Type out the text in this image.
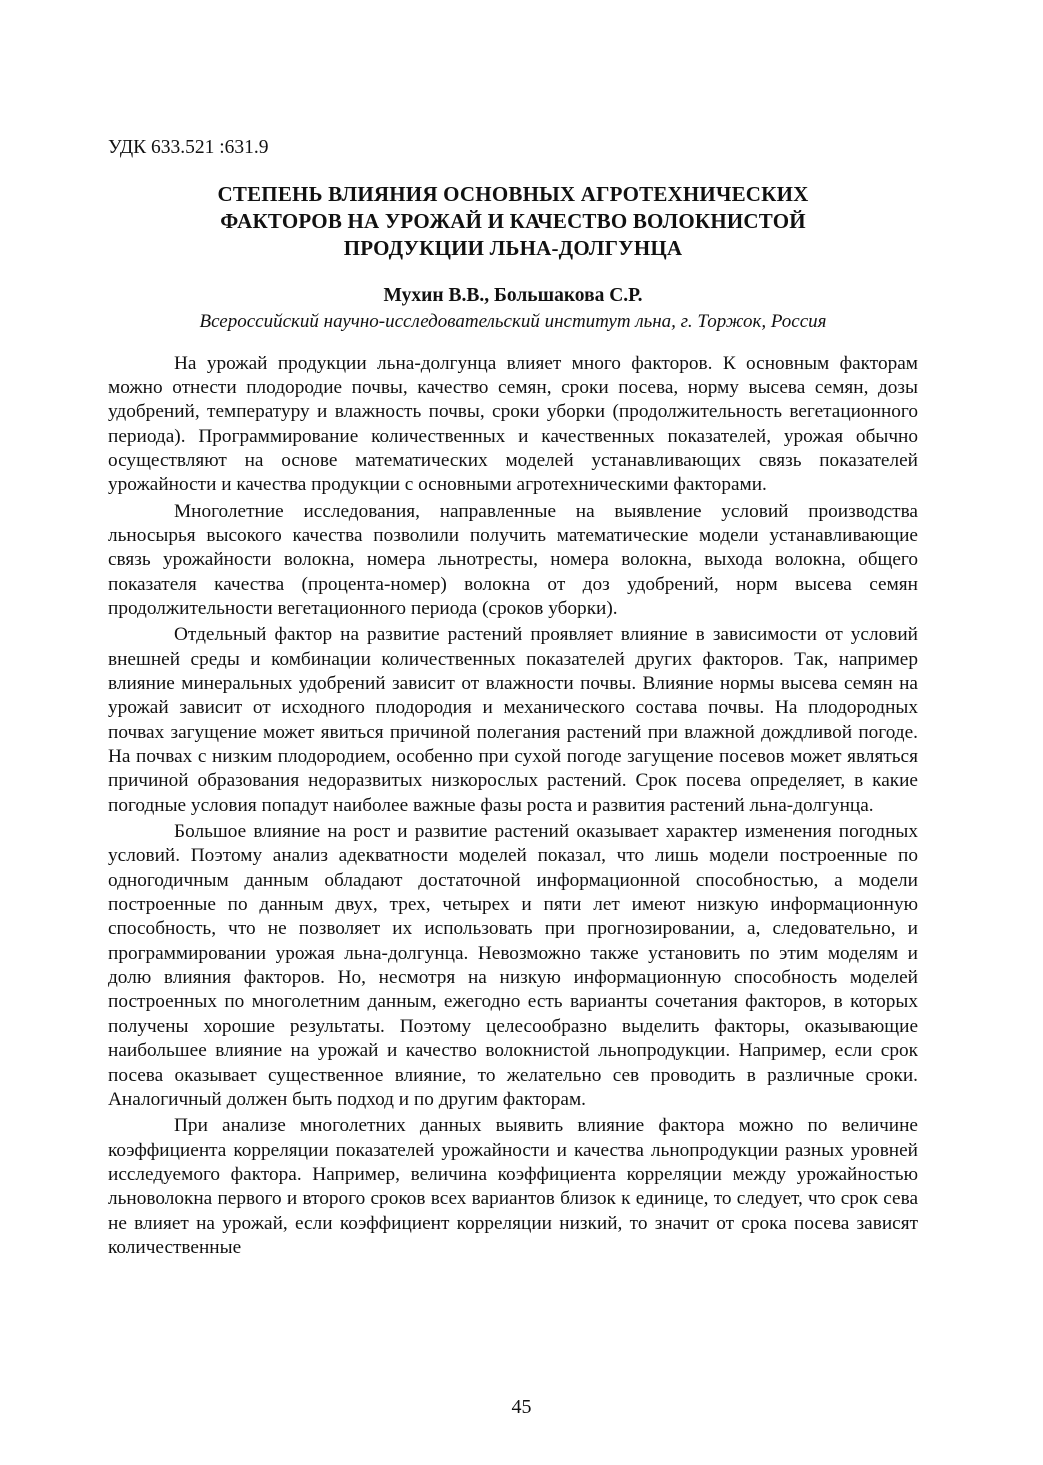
УДК 633.521 :631.9

СТЕПЕНЬ ВЛИЯНИЯ ОСНОВНЫХ АГРОТЕХНИЧЕСКИХ
ФАКТОРОВ НА УРОЖАЙ И КАЧЕСТВО ВОЛОКНИСТОЙ
ПРОДУКЦИИ ЛЬНА-ДОЛГУНЦА

Мухин В.В., Большакова С.Р.

Всероссийский научно-исследовательский институт льна, г. Торжок, Россия

На урожай продукции льна-долгунца влияет много факторов. К основным факторам можно отнести плодородие почвы, качество семян, сроки посева, норму высева семян, дозы удобрений, температуру и влажность почвы, сроки уборки (продолжительность вегетационного периода). Программирование количественных и качественных показателей, урожая обычно осуществляют на основе математических моделей устанавливающих связь показателей урожайности и качества продукции с основными агротехническими факторами.

Многолетние исследования, направленные на выявление условий производства льносырья высокого качества позволили получить математические модели устанавливающие связь урожайности волокна, номера льнотресты, номера волокна, выхода волокна, общего показателя качества (процента-номер) волокна от доз удобрений, норм высева семян продолжительности вегетационного периода (сроков уборки).

Отдельный фактор на развитие растений проявляет влияние в зависимости от условий внешней среды и комбинации количественных показателей других факторов. Так, например влияние минеральных удобрений зависит от влажности почвы. Влияние нормы высева семян на урожай зависит от исходного плодородия и механического состава почвы. На плодородных почвах загущение может явиться причиной полегания растений при влажной дождливой погоде. На почвах с низким плодородием, особенно при сухой погоде загущение посевов может являться причиной образования недоразвитых низкорослых растений. Срок посева определяет, в какие погодные условия попадут наиболее важные фазы роста и развития растений льна-долгунца.

Большое влияние на рост и развитие растений оказывает характер изменения погодных условий. Поэтому анализ адекватности моделей показал, что лишь модели построенные по одногодичным данным обладают достаточной информационной способностью, а модели построенные по данным двух, трех, четырех и пяти лет имеют низкую информационную способность, что не позволяет их использовать при прогнозировании, а, следовательно, и программировании урожая льна-долгунца. Невозможно также установить по этим моделям и долю влияния факторов. Но, несмотря на низкую информационную способность моделей построенных по многолетним данным, ежегодно есть варианты сочетания факторов, в которых получены хорошие результаты. Поэтому целесообразно выделить факторы, оказывающие наибольшее влияние на урожай и качество волокнистой льнопродукции. Например, если срок посева оказывает существенное влияние, то желательно сев проводить в различные сроки. Аналогичный должен быть подход и по другим факторам.

При анализе многолетних данных выявить влияние фактора можно по величине коэффициента корреляции показателей урожайности и качества льнопродукции разных уровней исследуемого фактора. Например, величина коэффициента корреляции между урожайностью льноволокна первого и второго сроков всех вариантов близок к единице, то следует, что срок сева не влияет на урожай, если коэффициент корреляции низкий, то значит от срока посева зависят количественные

45
